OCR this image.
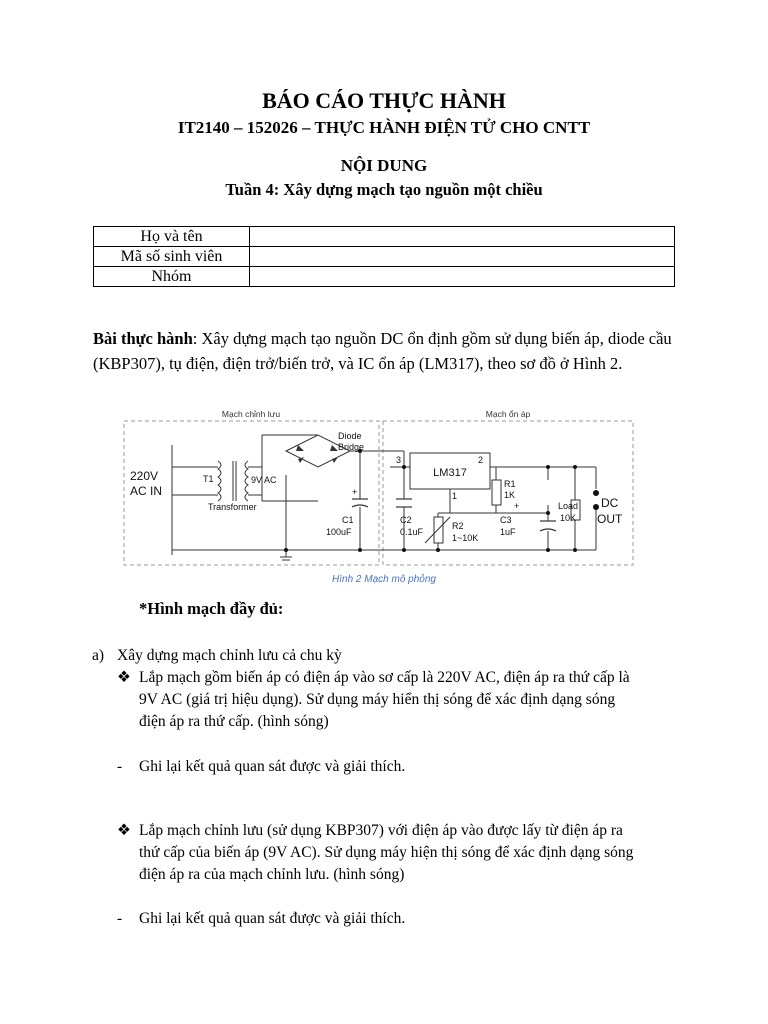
BÁO CÁO THỰC HÀNH
IT2140 – 152026 – THỰC HÀNH ĐIỆN TỬ CHO CNTT
NỘI DUNG
Tuần 4: Xây dựng mạch tạo nguồn một chiều
Họ và tên	
Mã số sinh viên	
Nhóm	
Bài thực hành: Xây dựng mạch tạo nguồn DC ổn định gồm sử dụng biến áp, diode cầu (KBP307), tụ điện, điện trở/biến trở, và IC ổn áp (LM317), theo sơ đồ ở Hình 2.
Mạch chỉnh lưu	Mạch ổn áp
LM317
220V
AC IN
T1	9V AC
Transformer
Diode
Bridge
3	2
1
+
C1
100uF
C2
0.1uF
R2
1~10K
R1
1K
+
C3
1uF
Load
10K
DC
OUT
Hình 2 Mạch mô phỏng
*Hình mạch đầy đủ:
a) Xây dựng mạch chỉnh lưu cả chu kỳ
❖ Lắp mạch gồm biến áp có điện áp vào sơ cấp là 220V AC, điện áp ra thứ cấp là
9V AC (giá trị hiệu dụng). Sử dụng máy hiển thị sóng để xác định dạng sóng
điện áp ra thứ cấp. (hình sóng)
- Ghi lại kết quả quan sát được và giải thích.
❖ Lắp mạch chỉnh lưu (sử dụng KBP307) với điện áp vào được lấy từ điện áp ra
thứ cấp của biến áp (9V AC). Sử dụng máy hiện thị sóng để xác định dạng sóng
điện áp ra của mạch chỉnh lưu. (hình sóng)
- Ghi lại kết quả quan sát được và giải thích.
